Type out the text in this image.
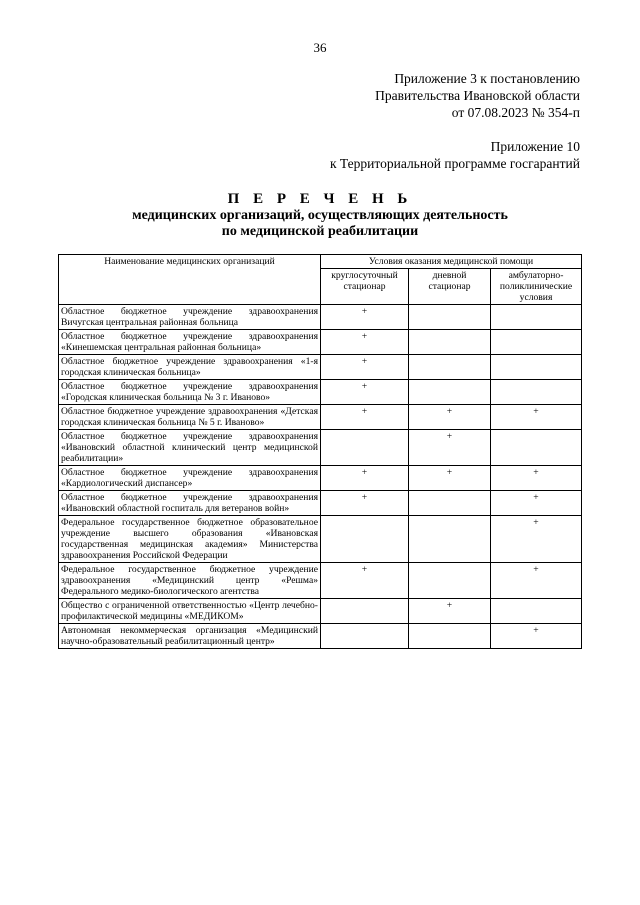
36
Приложение 3 к постановлению
Правительства Ивановской области
от 07.08.2023 № 354-п
Приложение 10
к Территориальной программе госгарантий
П Е Р Е Ч Е Н Ь
медицинских организаций, осуществляющих деятельность
по медицинской реабилитации
Наименование медицинских организаций	Условия оказания медицинской помощи		
	круглосуточный стационар	дневной стационар	амбулаторно-поликлинические условия
Областное бюджетное учреждение здравоохранения Вичугская центральная районная больница	+		
Областное бюджетное учреждение здравоохранения «Кинешемская центральная районная больница»	+		
Областное бюджетное учреждение здравоохранения «1-я городская клиническая больница»	+		
Областное бюджетное учреждение здравоохранения «Городская клиническая больница № 3 г. Иваново»	+		
Областное бюджетное учреждение здравоохранения «Детская городская клиническая больница № 5 г. Иваново»	+	+	+
Областное бюджетное учреждение здравоохранения «Ивановский областной клинический центр медицинской реабилитации»		+	
Областное бюджетное учреждение здравоохранения «Кардиологический диспансер»	+	+	+
Областное бюджетное учреждение здравоохранения «Ивановский областной госпиталь для ветеранов войн»	+		+
Федеральное государственное бюджетное образовательное учреждение высшего образования «Ивановская государственная медицинская академия» Министерства здравоохранения Российской Федерации			+
Федеральное государственное бюджетное учреждение здравоохранения «Медицинский центр «Решма» Федерального медико-биологического агентства	+		+
Общество с ограниченной ответственностью «Центр лечебно-профилактической медицины «МЕДИКОМ»		+	
Автономная некоммерческая организация «Медицинский научно-образовательный реабилитационный центр»			+
